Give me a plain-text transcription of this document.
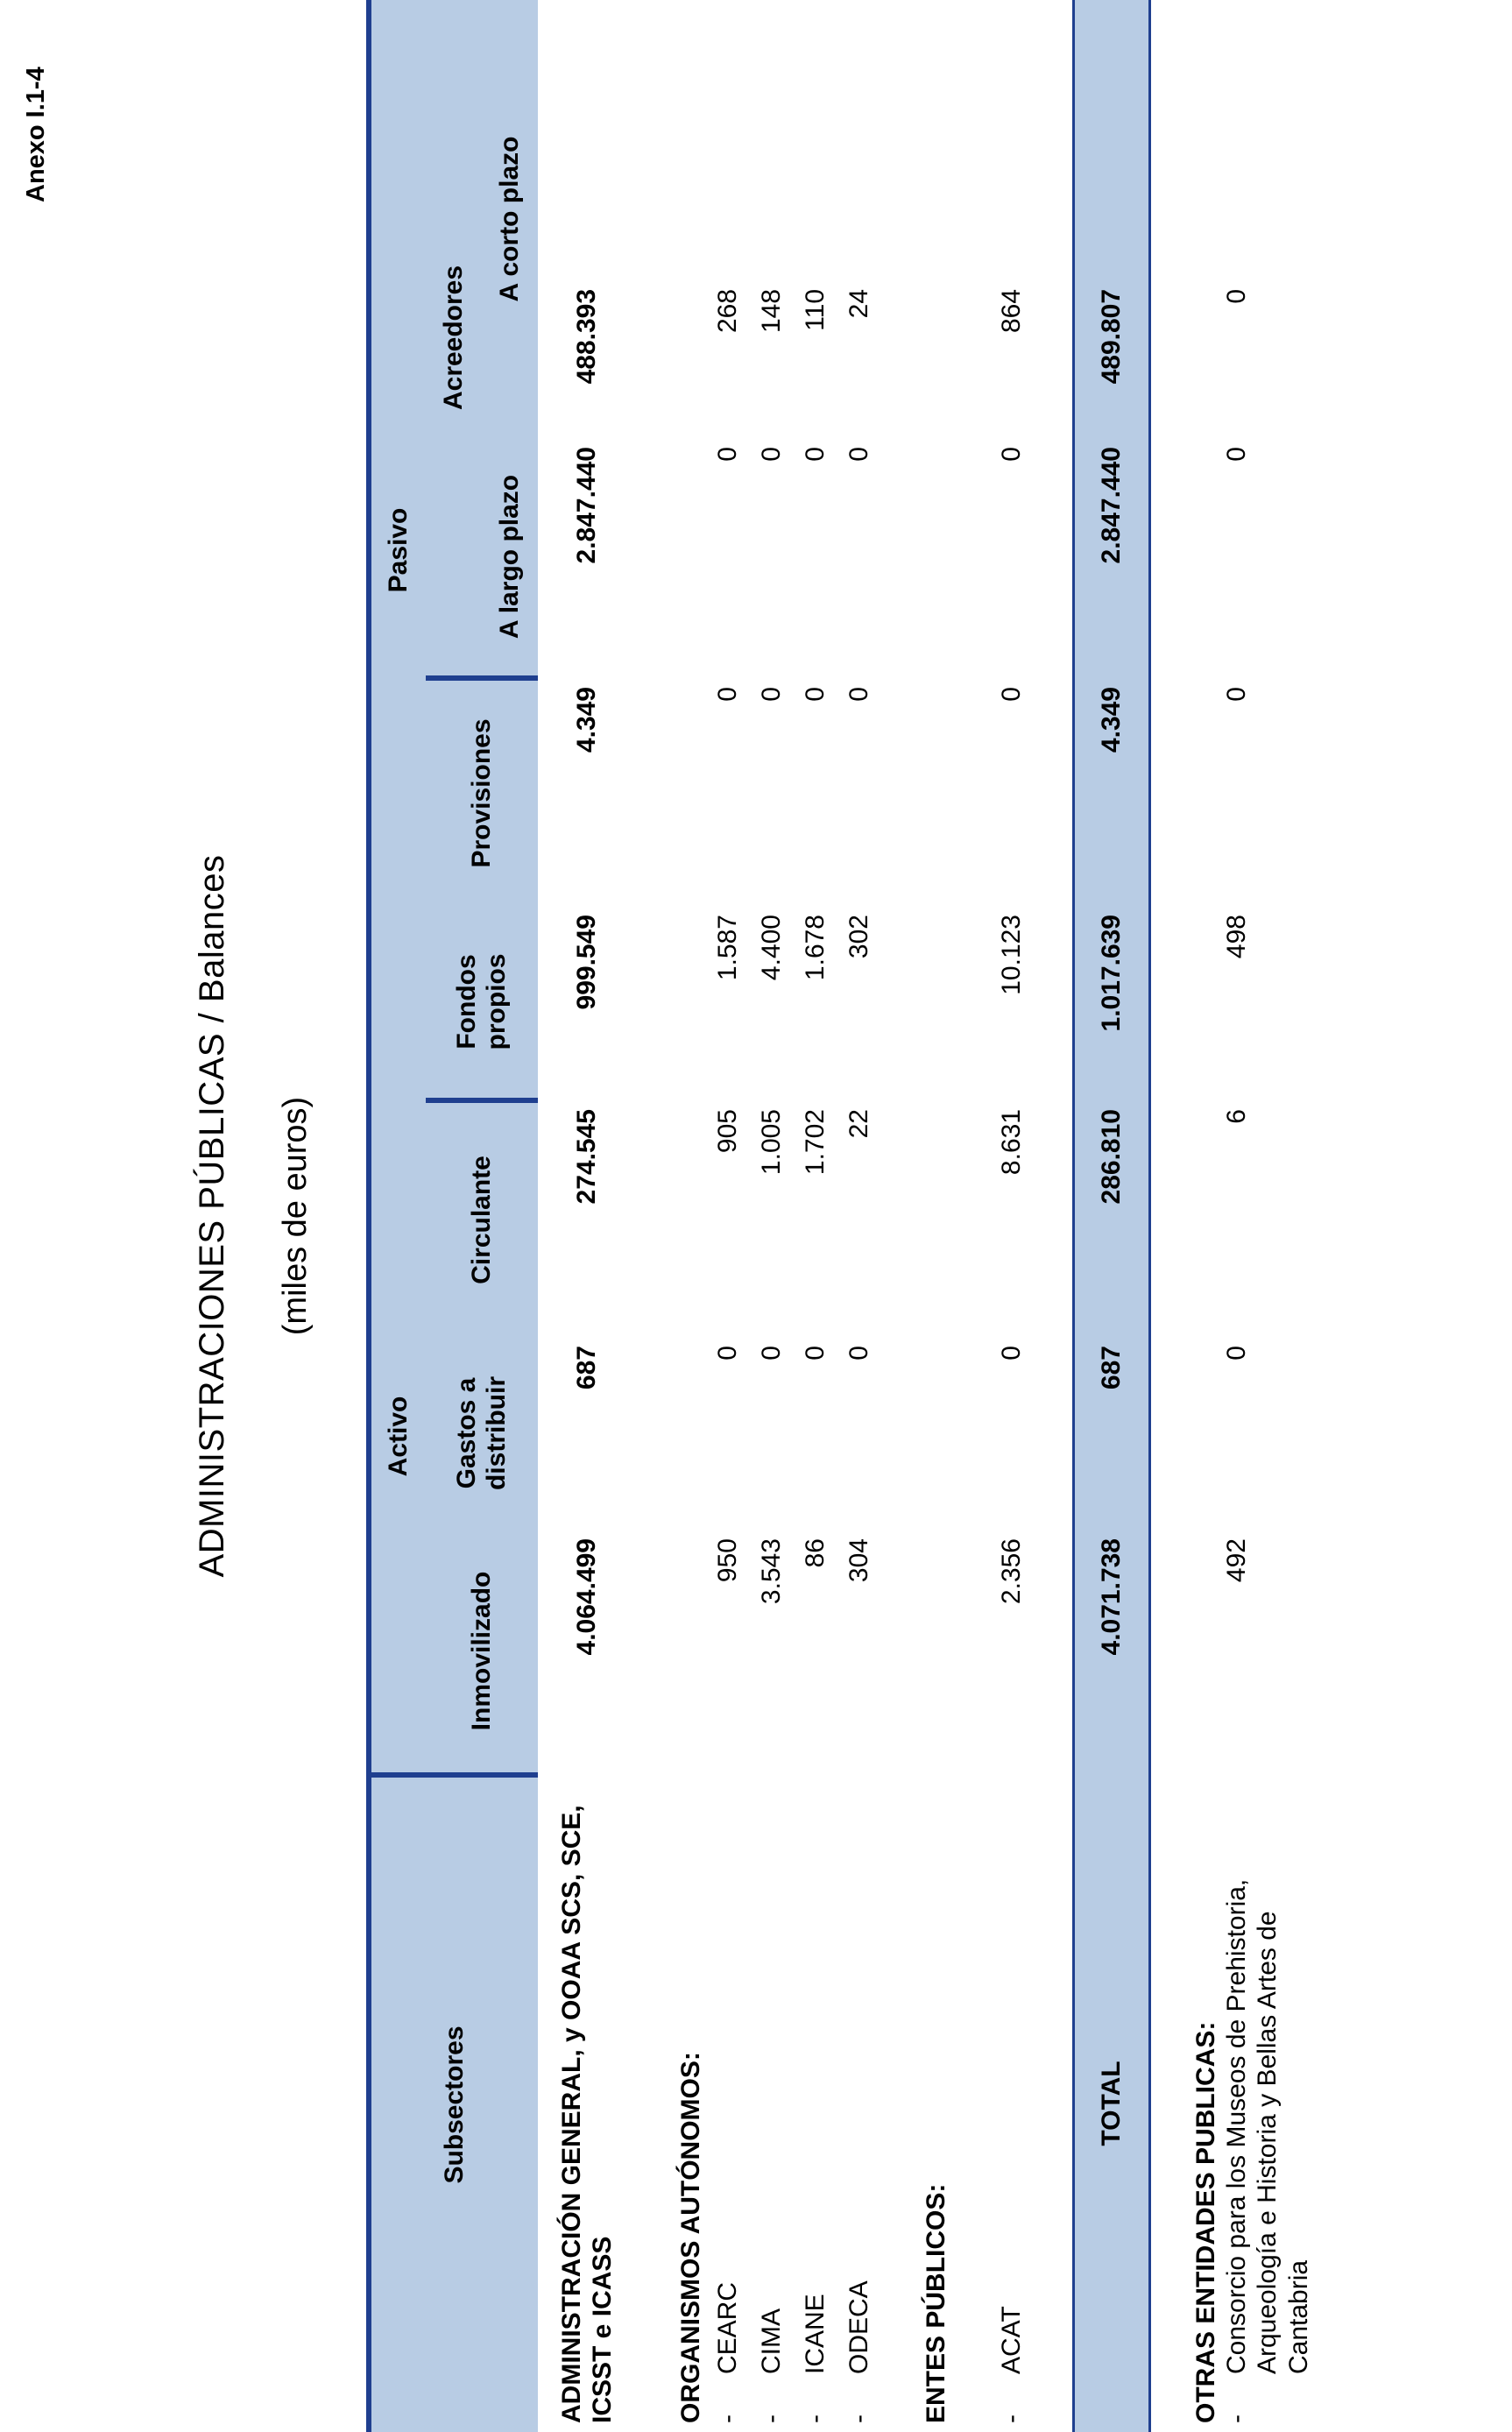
Anexo I.1-4
ADMINISTRACIONES PÚBLICAS / Balances (miles de euros)
Subsectores	Activo			Pasivo			
	Inmovilizado	Gastos a distribuir	Circulante	Fondos propios	Provisiones	Acreedores	
						A largo plazo	A corto plazo
ADMINISTRACIÓN GENERAL, y OOAA SCS, SCE, ICSST e ICASS	4.064.499	687	274.545	999.549	4.349	2.847.440	488.393
ORGANISMOS AUTÓNOMOS:							
-CEARC	950	0	905	1.587	0	0	268
-CIMA	3.543	0	1.005	4.400	0	0	148
-ICANE	86	0	1.702	1.678	0	0	110
-ODECA	304	0	22	302	0	0	24
ENTES PÚBLICOS:							

-ACAT	2.356	0	8.631	10.123	0	0	864

TOTAL	4.071.738	687	286.810	1.017.639	4.349	2.847.440	489.807
OTRAS ENTIDADES PUBLICAS:							
-Consorcio para los Museos de Prehistoria, Arqueología e Historia y Bellas Artes de Cantabria	492	0	6	498	0	0	0
